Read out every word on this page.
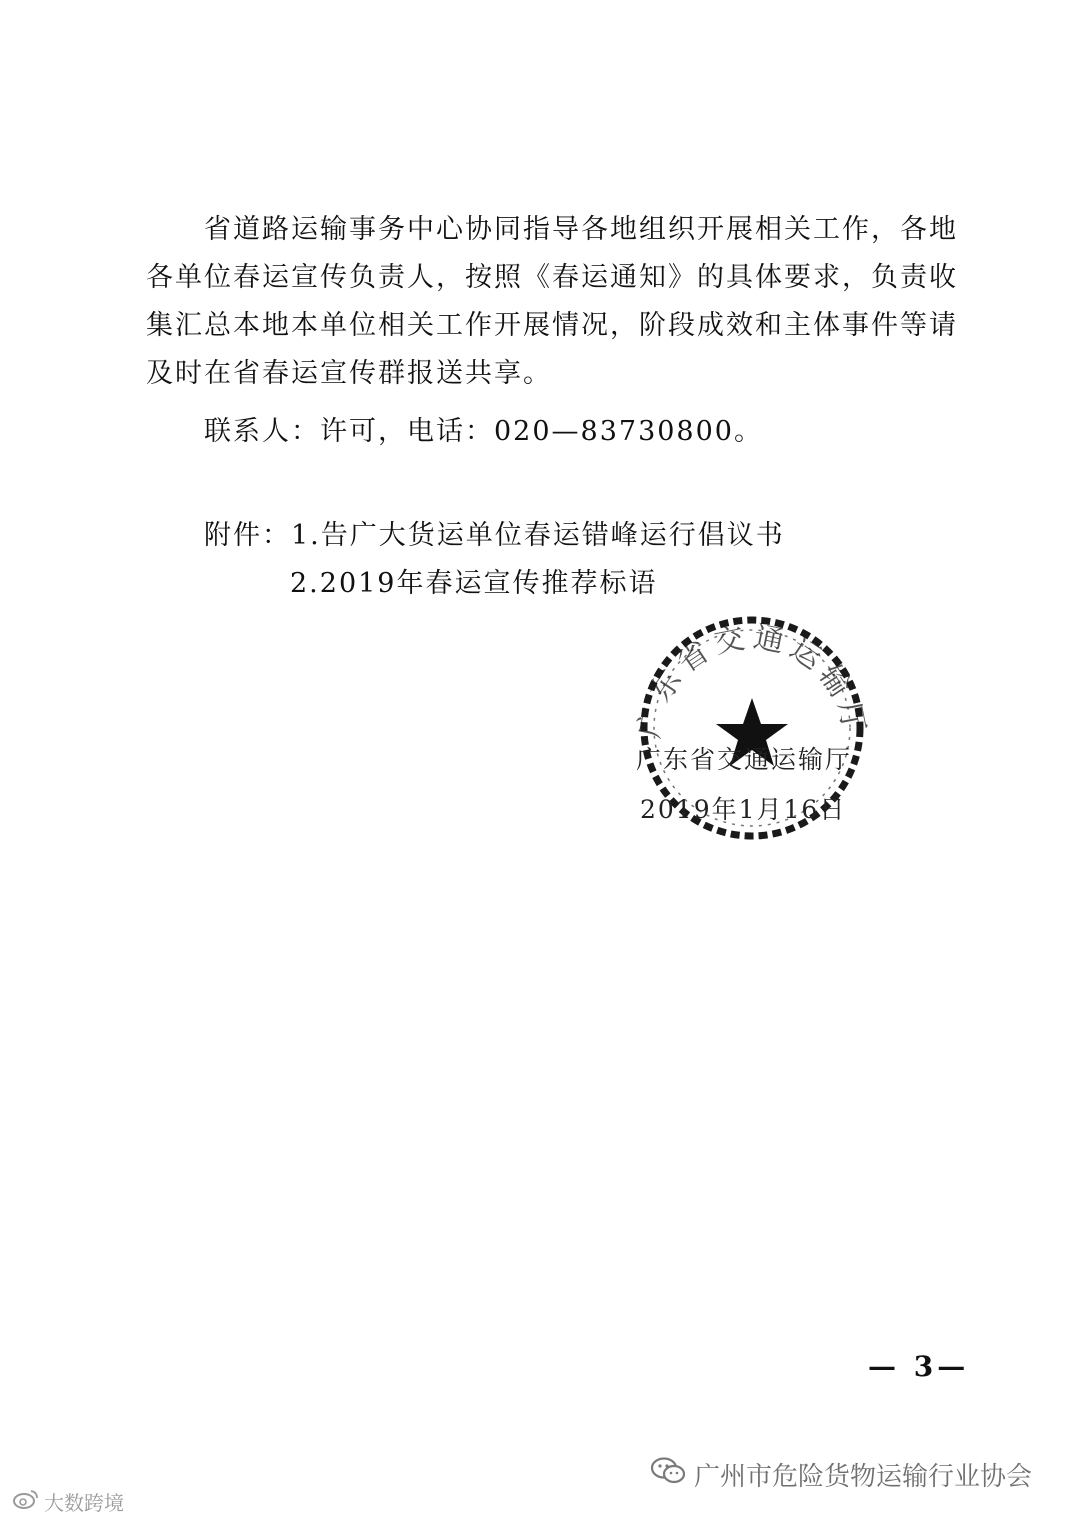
省道路运输事务中心协同指导各地组织开展相关工作，各地
各单位春运宣传负责人，按照《春运通知》的具体要求，负责收
集汇总本地本单位相关工作开展情况，阶段成效和主体事件等请
及时在省春运宣传群报送共享。
联系人：许可，电话：020—83730800。
附件：1.告广大货运单位春运错峰运行倡议书
2.2019年春运宣传推荐标语
广东省交通运输厅
广东省交通运输厅
2019年1月16日
— 3—
广州市危险货物运输行业协会
大数跨境
